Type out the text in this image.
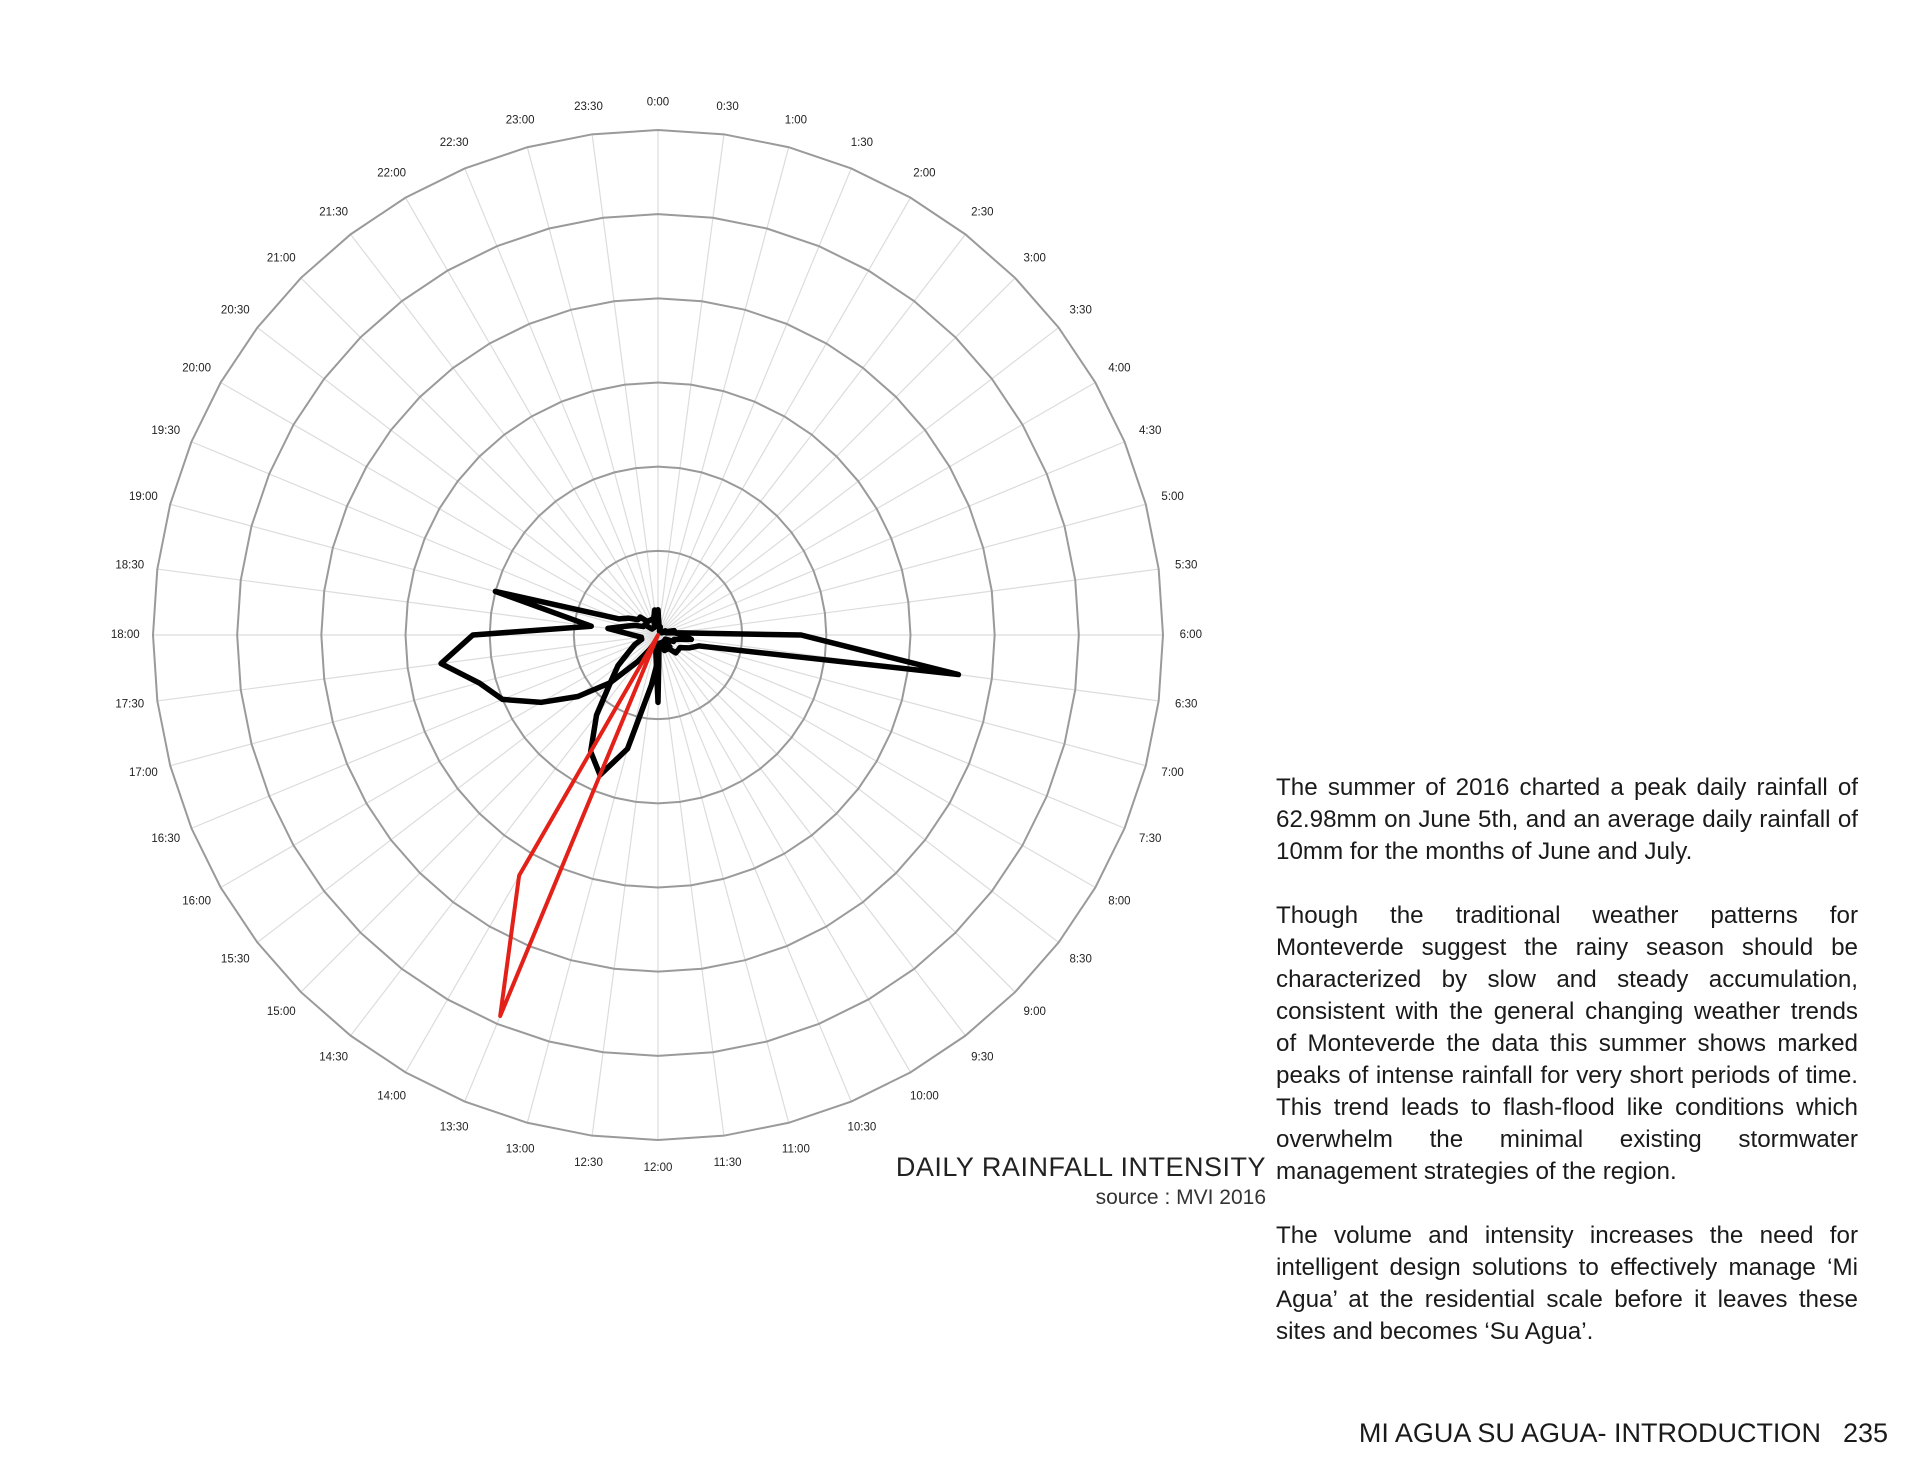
0:00	0:30
1:00
1:30
2:00
2:30
3:00
3:30
4:00
4:30
5:00
5:30
6:00
6:30
7:00
7:30
8:00
8:30
9:00
9:30
10:00
10:30
11:00
11:30
12:00
12:30
13:00
13:30
14:00
14:30
15:00
15:30
16:00
16:30
17:00
17:30
18:00
18:30
19:00
19:30
20:00
20:30
21:00
21:30
22:00
22:30
23:00
23:30
DAILY RAINFALL INTENSITY
source : MVI 2016

The summer of 2016 charted a peak daily rainfall of 62.98mm on June 5th, and an average daily rainfall of 10mm for the months of June and July.

Though the traditional weather patterns for Monteverde suggest the rainy season should be characterized by slow and steady accumulation, consistent with the general changing weather trends of Monteverde the data this summer shows marked peaks of intense rainfall for very short periods of time. This trend leads to flash-flood like conditions which overwhelm the minimal existing stormwater management strategies of the region.

The volume and intensity increases the need for intelligent design solutions to effectively manage ‘Mi Agua’ at the residential scale before it leaves these sites and becomes ‘Su Agua’.

MI AGUA SU AGUA- INTRODUCTION 235
